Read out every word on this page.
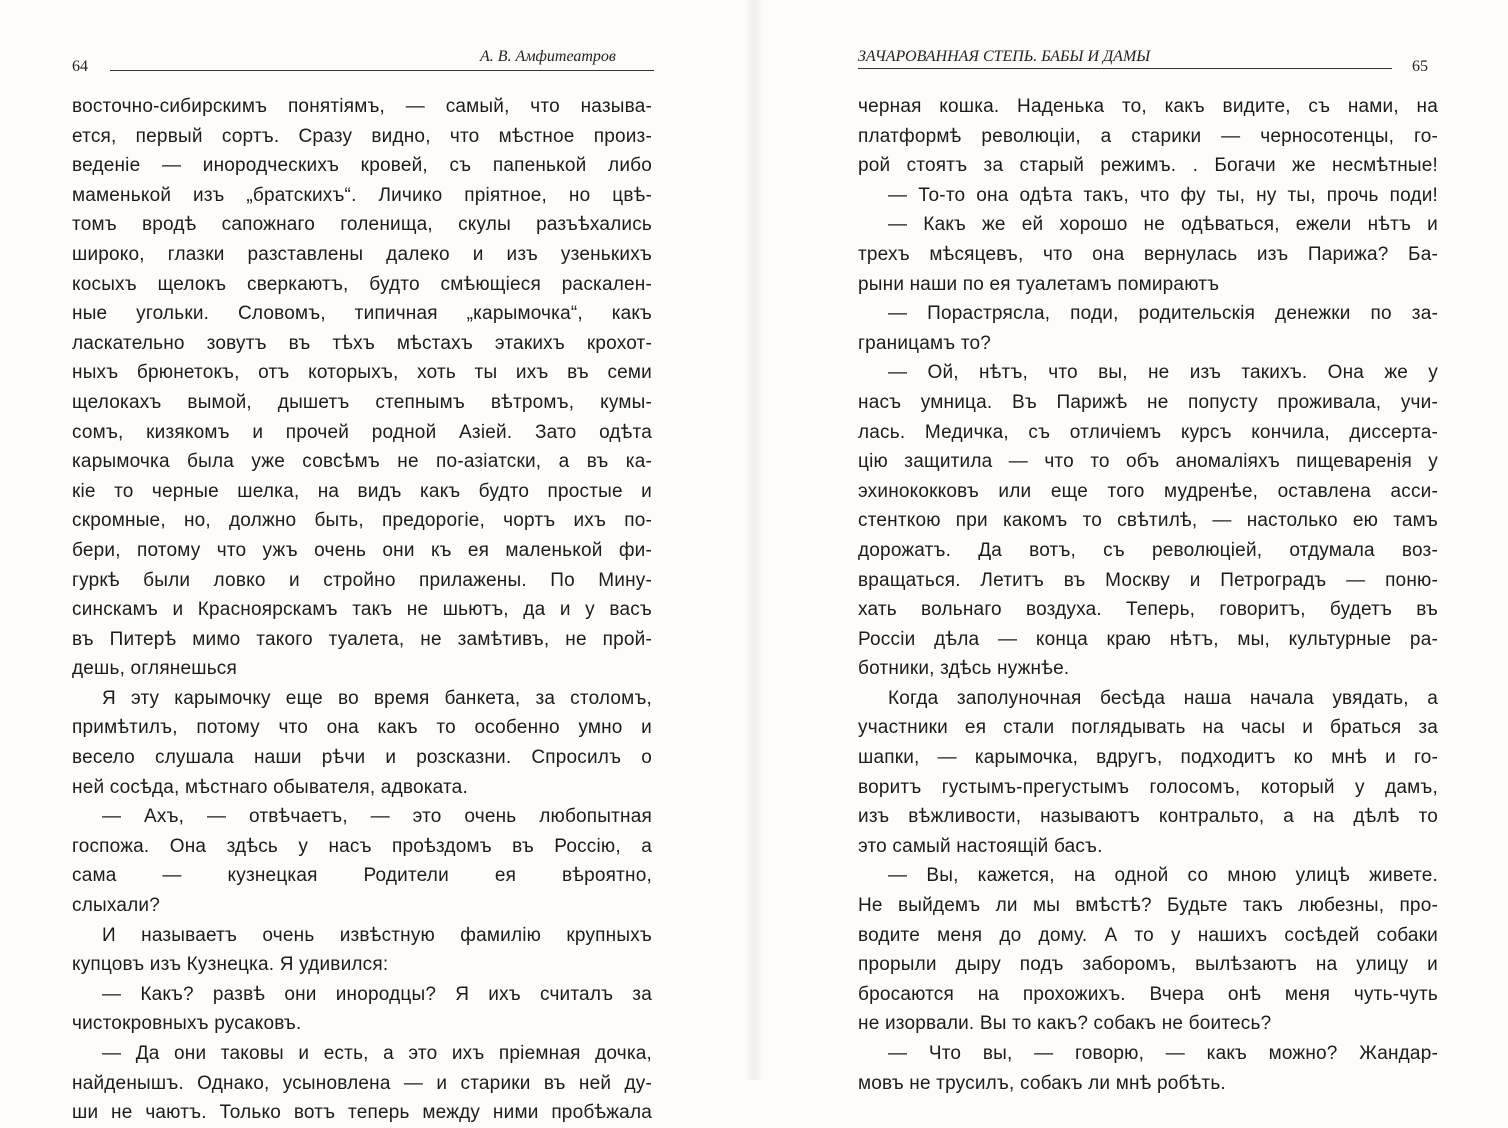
64
А. В. Амфитеатров
восточно-сибирскимъ понятіямъ, — самый, что называ-
ется, первый сортъ. Сразу видно, что мѣстное произ-
веденіе — инородческихъ кровей, съ папенькой либо
маменькой изъ „братскихъ“. Личико пріятное, но цвѣ-
томъ вродѣ сапожнаго голенища, скулы разъѣхались
широко, глазки разставлены далеко и изъ узенькихъ
косыхъ щелокъ сверкаютъ, будто смѣющіеся раскален-
ные угольки. Словомъ, типичная „карымочка“, какъ
ласкательно зовутъ въ тѣхъ мѣстахъ этакихъ крохот-
ныхъ брюнетокъ, отъ которыхъ, хоть ты ихъ въ семи
щелокахъ вымой, дышетъ степнымъ вѣтромъ, кумы-
сомъ, кизякомъ и прочей родной Азіей. Зато одѣта
карымочка была уже совсѣмъ не по-азіатски, а въ ка-
кіе то черные шелка, на видъ какъ будто простые и
скромные, но, должно быть, предорогіе, чортъ ихъ по-
бери, потому что ужъ очень они къ ея маленькой фи-
гуркѣ были ловко и стройно прилажены. По Мину-
синскамъ и Красноярскамъ такъ не шьютъ, да и у васъ
въ Питерѣ мимо такого туалета, не замѣтивъ, не прой-
дешь, оглянешься
Я эту карымочку еще во время банкета, за столомъ,
примѣтилъ, потому что она какъ то особенно умно и
весело слушала наши рѣчи и розсказни. Спросилъ о
ней сосѣда, мѣстнаго обывателя, адвоката.
— Ахъ, — отвѣчаетъ, — это очень любопытная
госпожа. Она здѣсь у насъ проѣздомъ въ Россію, а
сама — кузнецкая Родители ея вѣроятно,
слыхали?
И называетъ очень извѣстную фамилію крупныхъ
купцовъ изъ Кузнецка. Я удивился:
— Какъ? развѣ они инородцы? Я ихъ считалъ за
чистокровныхъ русаковъ.
— Да они таковы и есть, а это ихъ пріемная дочка,
найденышъ. Однако, усыновлена — и старики въ ней ду-
ши не чаютъ. Только вотъ теперь между ними пробѣжала
ЗАЧАРОВАННАЯ СТЕПЬ. БАБЫ И ДАМЫ
65
черная кошка. Наденька то, какъ видите, съ нами, на
платформѣ революціи, а старики — черносотенцы, го-
рой стоятъ за старый режимъ. . Богачи же несмѣтные!
— То-то она одѣта такъ, что фу ты, ну ты, прочь поди!
— Какъ же ей хорошо не одѣваться, ежели нѣтъ и
трехъ мѣсяцевъ, что она вернулась изъ Парижа? Ба-
рыни наши по ея туалетамъ помираютъ
— Порастрясла, поди, родительскія денежки по за-
границамъ то?
— Ой, нѣтъ, что вы, не изъ такихъ. Она же у
насъ умница. Въ Парижѣ не попусту проживала, учи-
лась. Медичка, съ отличіемъ курсъ кончила, диссерта-
цію защитила — что то объ аномаліяхъ пищеваренія у
эхинококковъ или еще того мудренѣе, оставлена асси-
стенткою при какомъ то свѣтилѣ, — настолько ею тамъ
дорожатъ. Да вотъ, съ революціей, отдумала воз-
вращаться. Летитъ въ Москву и Петроградъ — пoню-
хать вольнаго воздуха. Теперь, говоритъ, будетъ въ
Россіи дѣла — конца краю нѣтъ, мы, культурные ра-
ботники, здѣсь нужнѣе.
Когда заполуночная бесѣда наша начала увядать, а
участники ея стали поглядывать на часы и браться за
шапки, — карымочка, вдругъ, подходитъ ко мнѣ и го-
воритъ густымъ-прегустымъ голосомъ, который у дамъ,
изъ вѣжливости, называютъ контральто, а на дѣлѣ то
это самый настоящій басъ.
— Вы, кажется, на одной со мною улицѣ живете.
Не выйдемъ ли мы вмѣстѣ? Будьте такъ любезны, про-
водите меня до дому. А то у нашихъ сосѣдей собаки
прорыли дыру подъ заборомъ, вылѣзаютъ на улицу и
бросаются на прохожихъ. Вчера онѣ меня чуть-чуть
не изорвали. Вы то какъ? собакъ не боитесь?
— Что вы, — говорю, — какъ можно? Жандар-
мовъ не трусилъ, собакъ ли мнѣ робѣть.
